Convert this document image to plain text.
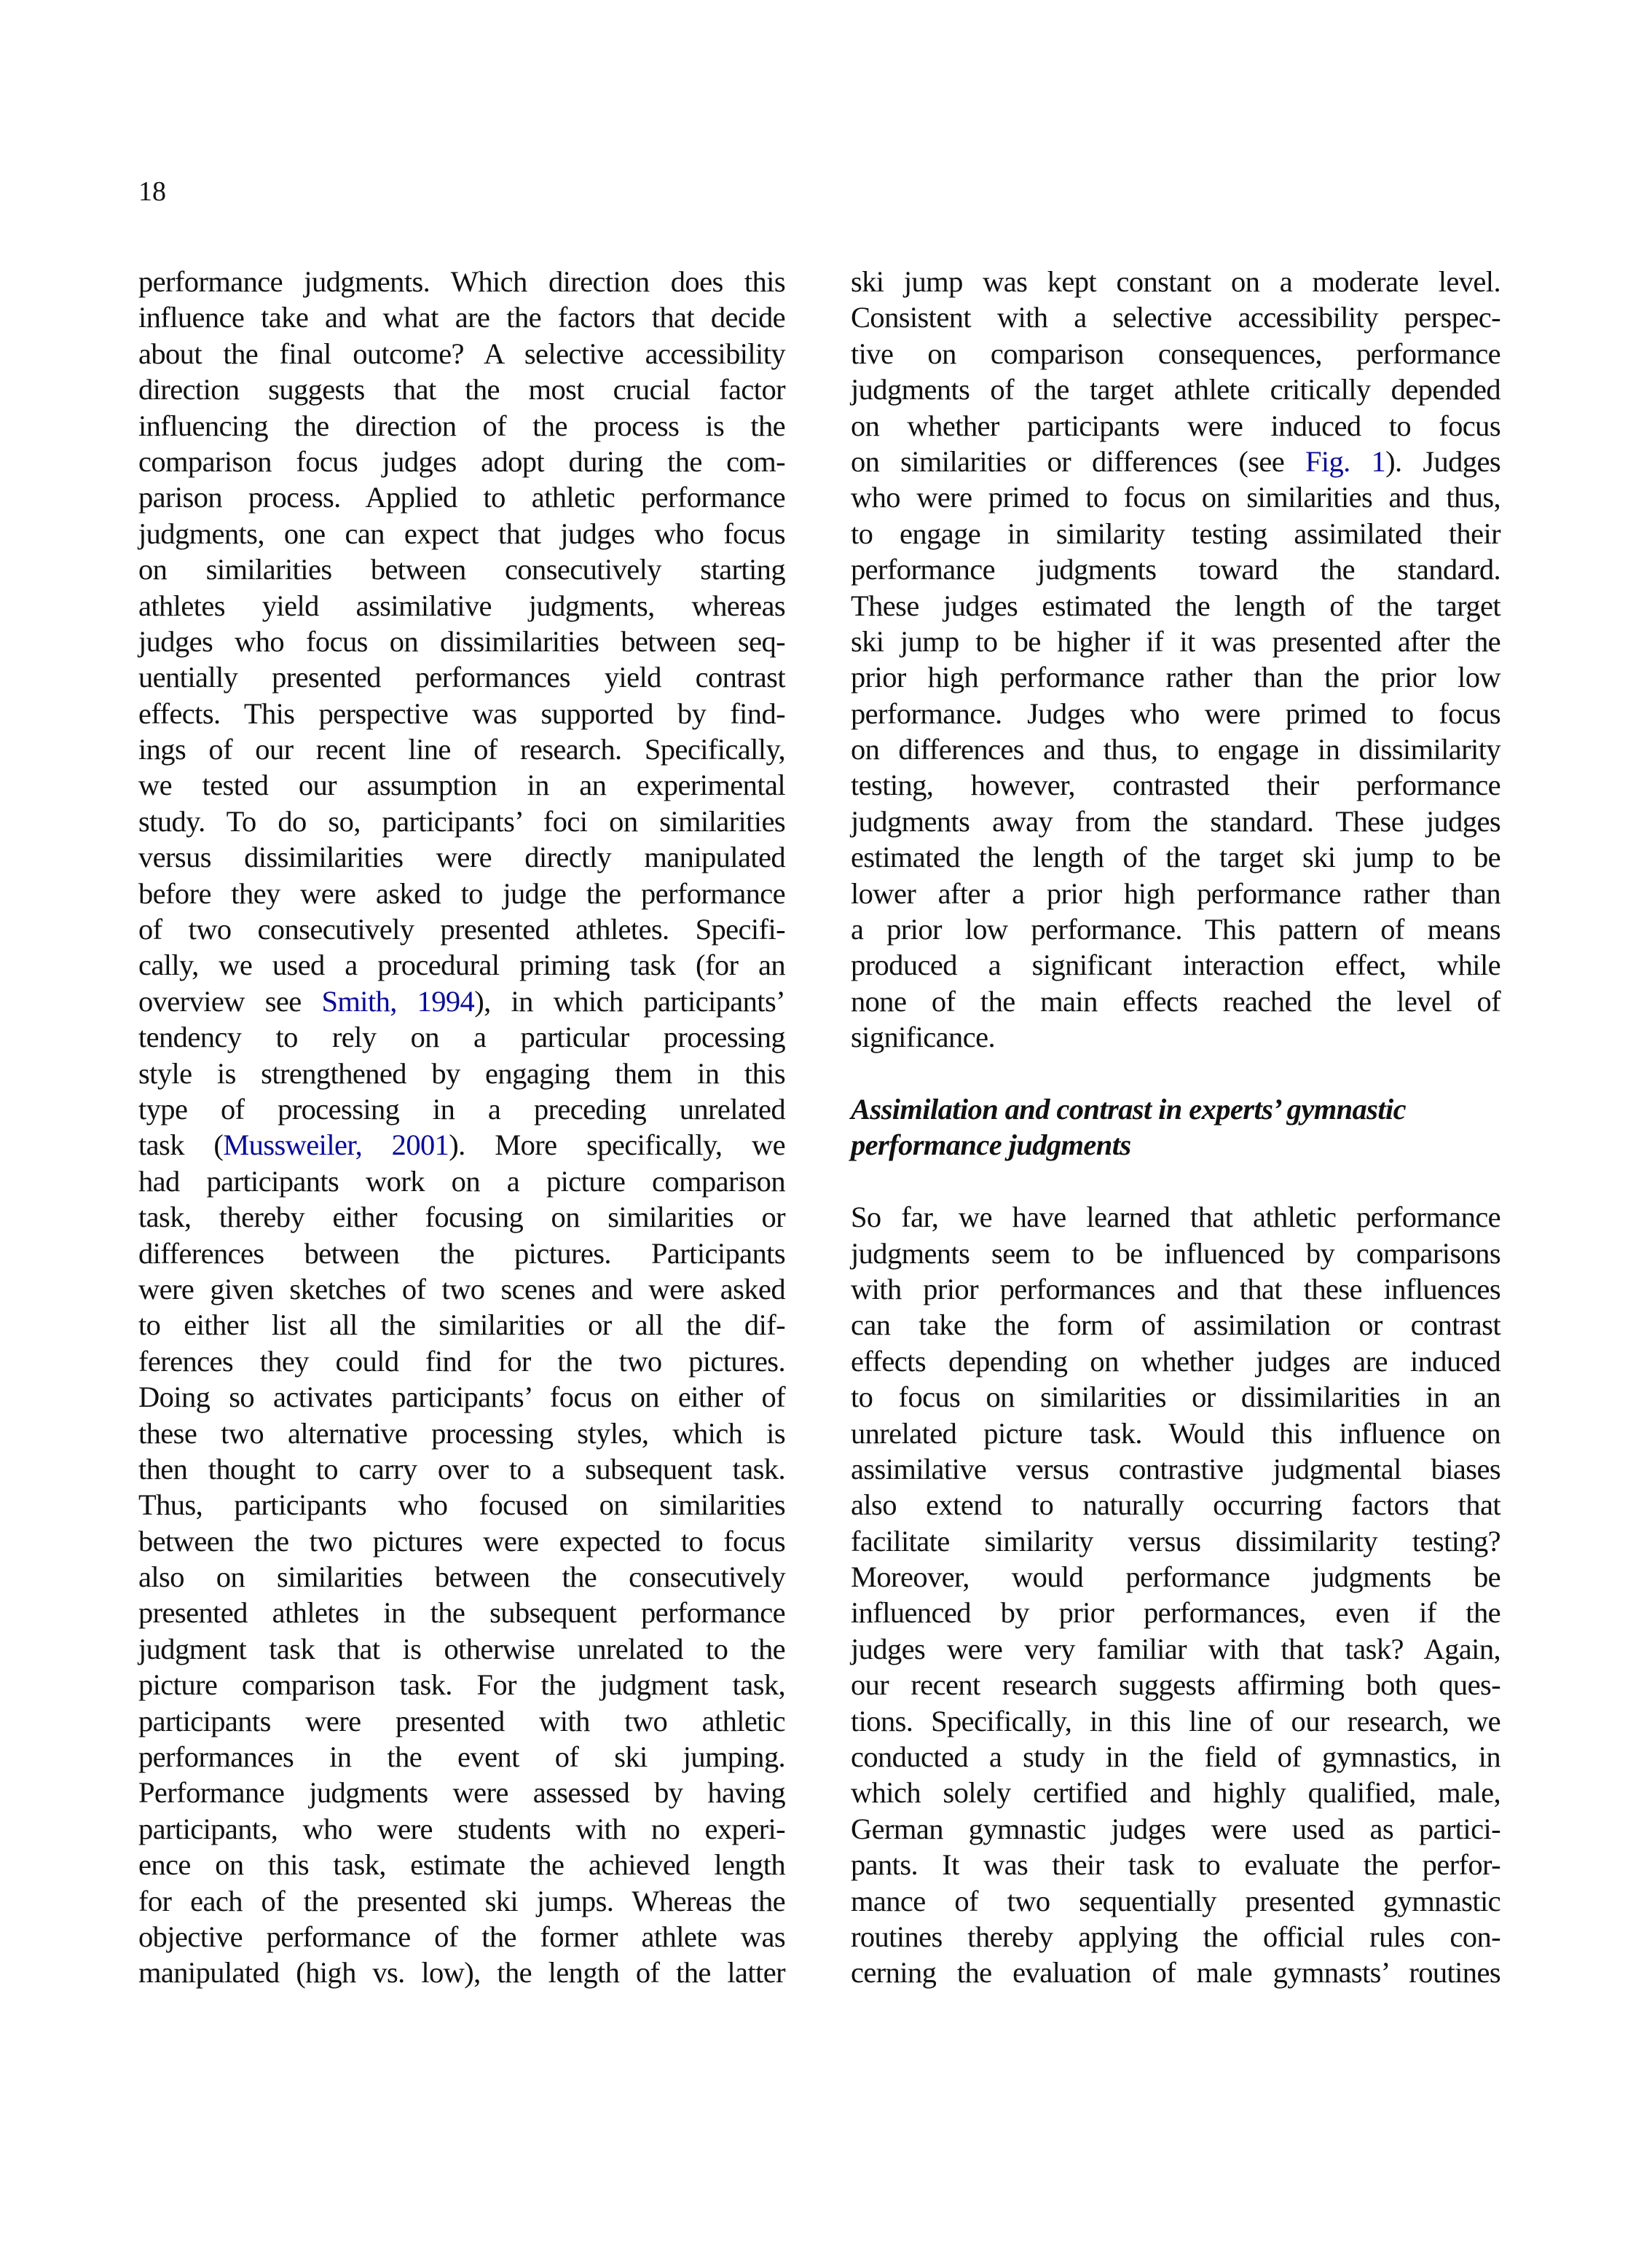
18
performance judgments. Which direction does this
influence take and what are the factors that decide
about the final outcome? A selective accessibility
direction suggests that the most crucial factor
influencing the direction of the process is the
comparison focus judges adopt during the com-
parison process. Applied to athletic performance
judgments, one can expect that judges who focus
on similarities between consecutively starting
athletes yield assimilative judgments, whereas
judges who focus on dissimilarities between seq-
uentially presented performances yield contrast
effects. This perspective was supported by find-
ings of our recent line of research. Specifically,
we tested our assumption in an experimental
study. To do so, participants’ foci on similarities
versus dissimilarities were directly manipulated
before they were asked to judge the performance
of two consecutively presented athletes. Specifi-
cally, we used a procedural priming task (for an
overview see Smith, 1994), in which participants’
tendency to rely on a particular processing
style is strengthened by engaging them in this
type of processing in a preceding unrelated
task (Mussweiler, 2001). More specifically, we
had participants work on a picture comparison
task, thereby either focusing on similarities or
differences between the pictures. Participants
were given sketches of two scenes and were asked
to either list all the similarities or all the dif-
ferences they could find for the two pictures.
Doing so activates participants’ focus on either of
these two alternative processing styles, which is
then thought to carry over to a subsequent task.
Thus, participants who focused on similarities
between the two pictures were expected to focus
also on similarities between the consecutively
presented athletes in the subsequent performance
judgment task that is otherwise unrelated to the
picture comparison task. For the judgment task,
participants were presented with two athletic
performances in the event of ski jumping.
Performance judgments were assessed by having
participants, who were students with no experi-
ence on this task, estimate the achieved length
for each of the presented ski jumps. Whereas the
objective performance of the former athlete was
manipulated (high vs. low), the length of the latter
ski jump was kept constant on a moderate level.
Consistent with a selective accessibility perspec-
tive on comparison consequences, performance
judgments of the target athlete critically depended
on whether participants were induced to focus
on similarities or differences (see Fig. 1). Judges
who were primed to focus on similarities and thus,
to engage in similarity testing assimilated their
performance judgments toward the standard.
These judges estimated the length of the target
ski jump to be higher if it was presented after the
prior high performance rather than the prior low
performance. Judges who were primed to focus
on differences and thus, to engage in dissimilarity
testing, however, contrasted their performance
judgments away from the standard. These judges
estimated the length of the target ski jump to be
lower after a prior high performance rather than
a prior low performance. This pattern of means
produced a significant interaction effect, while
none of the main effects reached the level of
significance.
Assimilation and contrast in experts’ gymnastic
performance judgments
So far, we have learned that athletic performance
judgments seem to be influenced by comparisons
with prior performances and that these influences
can take the form of assimilation or contrast
effects depending on whether judges are induced
to focus on similarities or dissimilarities in an
unrelated picture task. Would this influence on
assimilative versus contrastive judgmental biases
also extend to naturally occurring factors that
facilitate similarity versus dissimilarity testing?
Moreover, would performance judgments be
influenced by prior performances, even if the
judges were very familiar with that task? Again,
our recent research suggests affirming both ques-
tions. Specifically, in this line of our research, we
conducted a study in the field of gymnastics, in
which solely certified and highly qualified, male,
German gymnastic judges were used as partici-
pants. It was their task to evaluate the perfor-
mance of two sequentially presented gymnastic
routines thereby applying the official rules con-
cerning the evaluation of male gymnasts’ routines
